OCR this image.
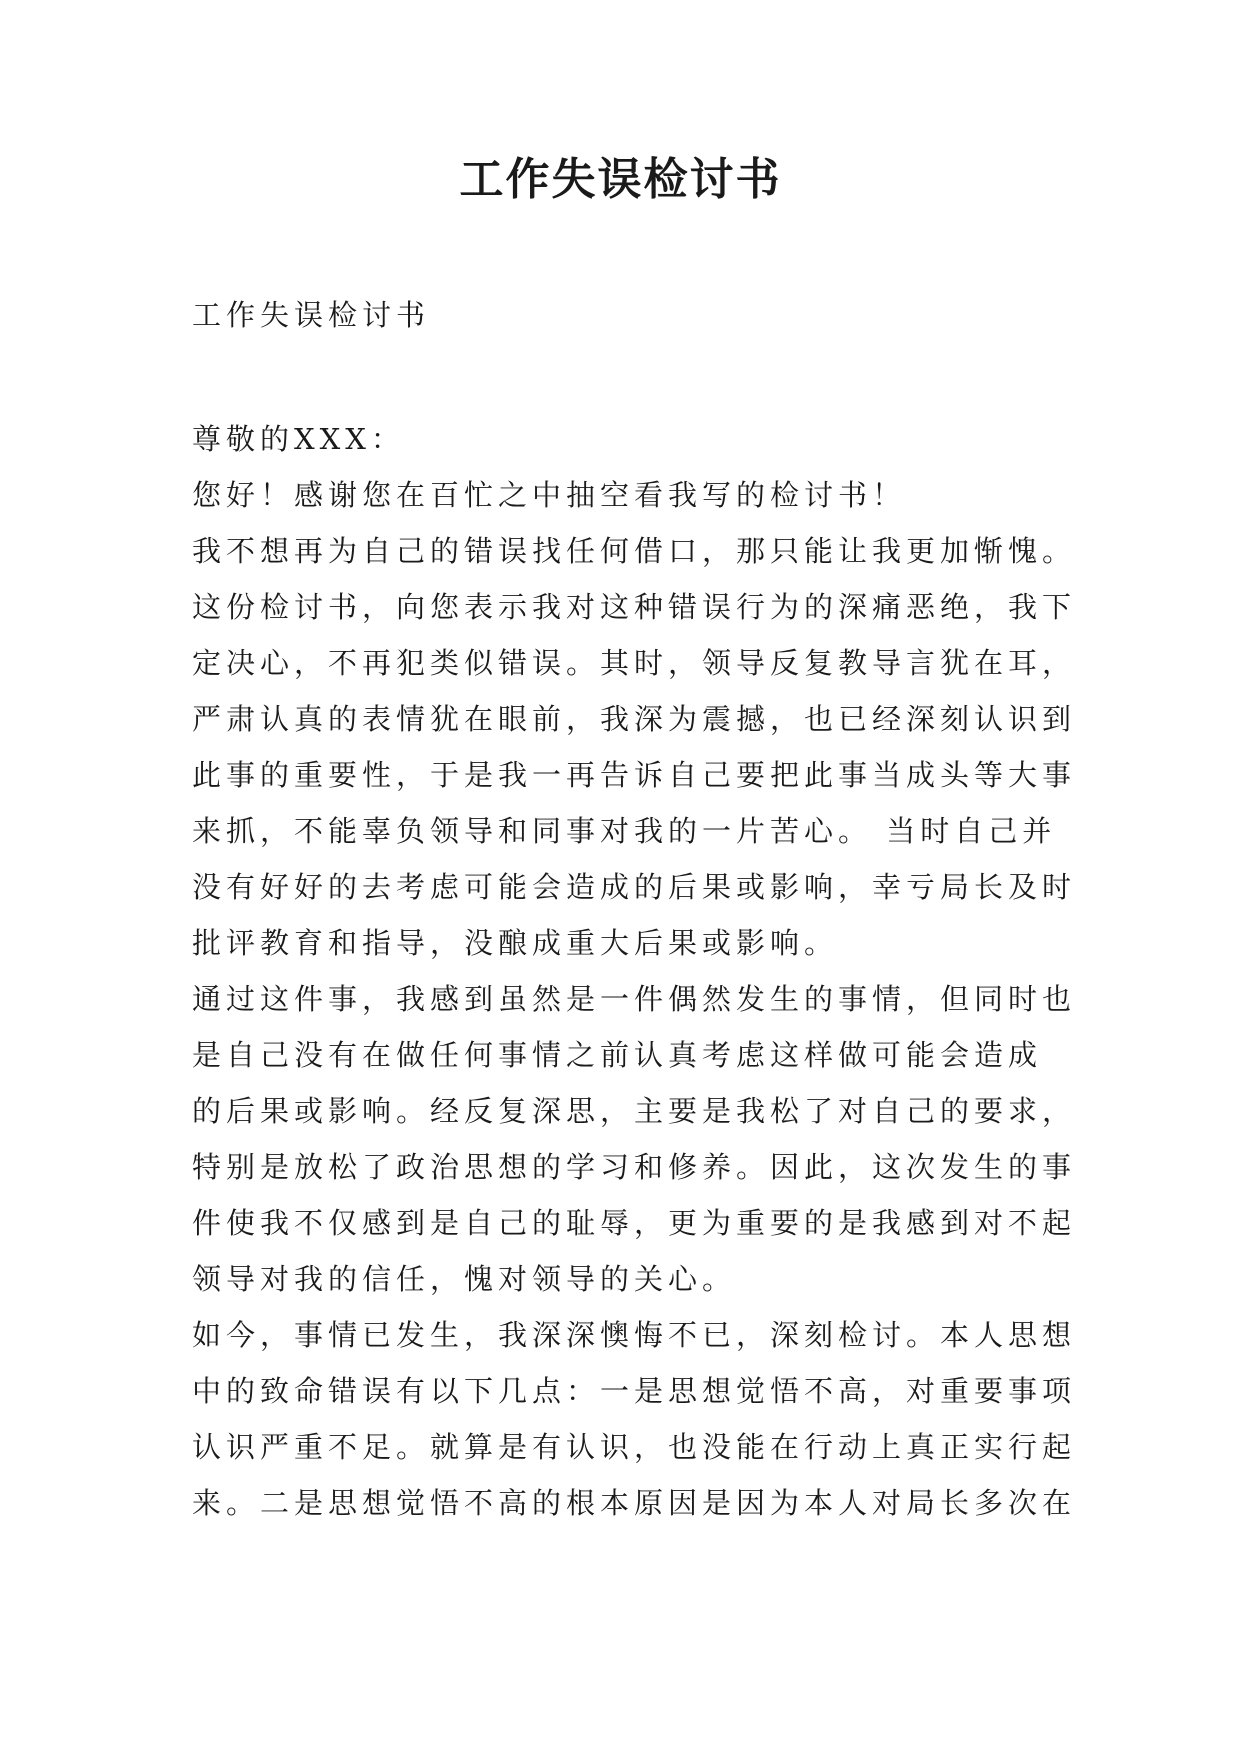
工作失误检讨书

工作失误检讨书

尊敬的XXX：

您好！感谢您在百忙之中抽空看我写的检讨书！

我不想再为自己的错误找任何借口，那只能让我更加惭愧。

这份检讨书，向您表示我对这种错误行为的深痛恶绝，我下

定决心，不再犯类似错误。其时，领导反复教导言犹在耳，

严肃认真的表情犹在眼前，我深为震撼，也已经深刻认识到

此事的重要性，于是我一再告诉自己要把此事当成头等大事

来抓，不能辜负领导和同事对我的一片苦心。 当时自己并

没有好好的去考虑可能会造成的后果或影响，幸亏局长及时

批评教育和指导，没酿成重大后果或影响。

通过这件事，我感到虽然是一件偶然发生的事情，但同时也

是自己没有在做任何事情之前认真考虑这样做可能会造成

的后果或影响。经反复深思，主要是我松了对自己的要求，

特别是放松了政治思想的学习和修养。因此，这次发生的事

件使我不仅感到是自己的耻辱，更为重要的是我感到对不起

领导对我的信任，愧对领导的关心。

如今，事情已发生，我深深懊悔不已，深刻检讨。本人思想

中的致命错误有以下几点：一是思想觉悟不高，对重要事项

认识严重不足。就算是有认识，也没能在行动上真正实行起

来。二是思想觉悟不高的根本原因是因为本人对局长多次在
